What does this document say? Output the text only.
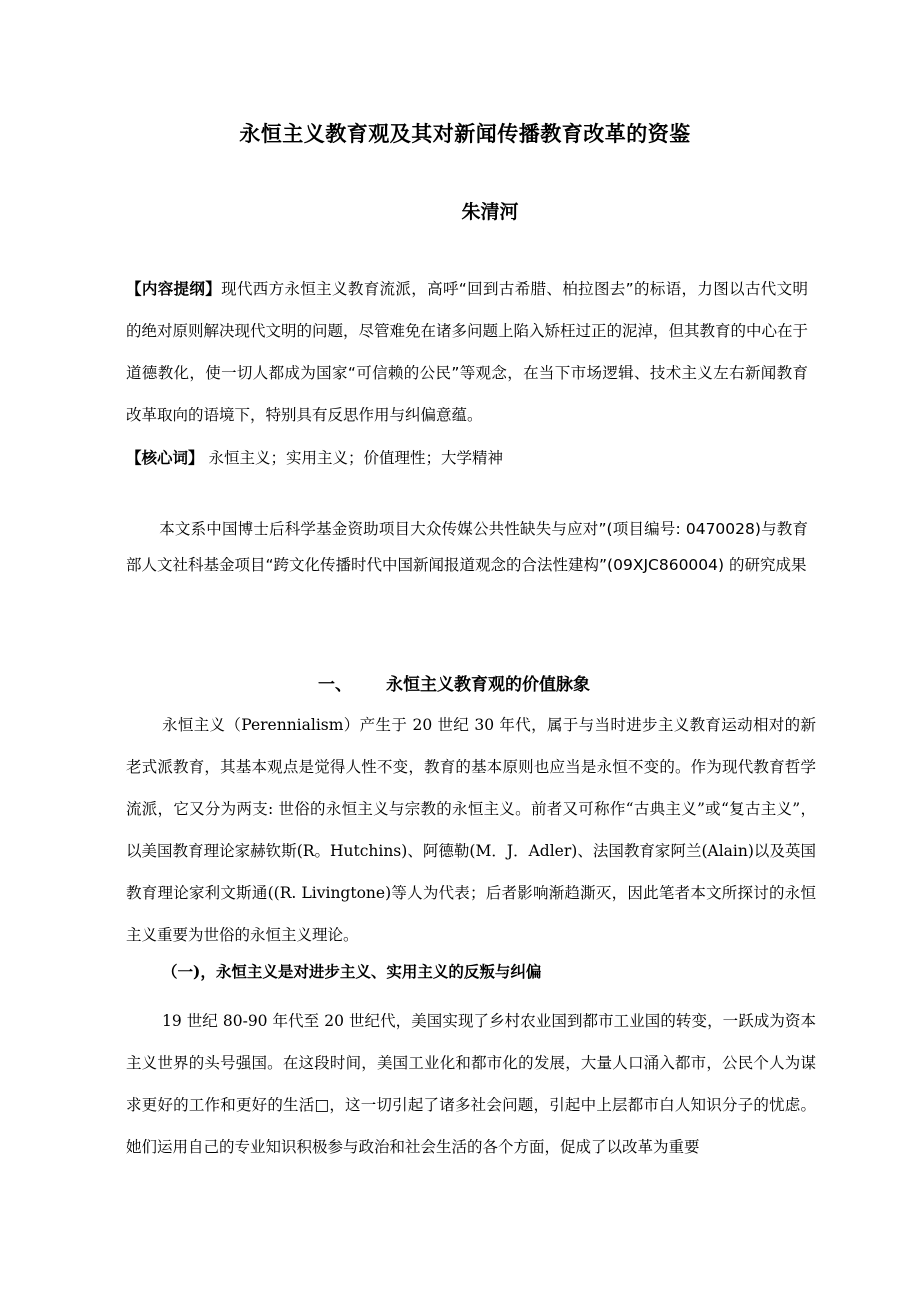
永恒主义教育观及其对新闻传播教育改革的资鉴
朱清河
【内容提纲】现代西方永恒主义教育流派，高呼“回到古希腊、柏拉图去”的标语，力图以古代文明的绝对原则解决现代文明的问题，尽管难免在诸多问题上陷入矫枉过正的泥淖，但其教育的中心在于道德教化，使一切人都成为国家“可信赖的公民”等观念，在当下市场逻辑、技术主义左右新闻教育改革取向的语境下，特别具有反思作用与纠偏意蕴。
【核心词】 永恒主义；实用主义；价值理性；大学精神
本文系中国博士后科学基金资助项目大众传媒公共性缺失与应对”(项目编号: 0470028)与教育部人文社科基金项目“跨文化传播时代中国新闻报道观念的合法性建构”(09XJC860004) 的研究成果
一、 永恒主义教育观的价值脉象
永恒主义（Perennialism）产生于 20 世纪 30 年代，属于与当时进步主义教育运动相对的新老式派教育，其基本观点是觉得人性不变，教育的基本原则也应当是永恒不变的。作为现代教育哲学流派，它又分为两支: 世俗的永恒主义与宗教的永恒主义。前者又可称作“古典主义”或“复古主义”，以美国教育理论家赫钦斯(R。Hutchins)、阿德勒(M．J．Adler)、法国教育家阿兰(Alain)以及英国教育理论家利文斯通((R. Livingtone)等人为代表；后者影响渐趋澌灭，因此笔者本文所探讨的永恒主义重要为世俗的永恒主义理论。
（一)，永恒主义是对进步主义、实用主义的反叛与纠偏
19 世纪 80-90 年代至 20 世纪代，美国实现了乡村农业国到都市工业国的转变，一跃成为资本主义世界的头号强国。在这段时间，美国工业化和都市化的发展，大量人口涌入都市，公民个人为谋求更好的工作和更好的生活□，这一切引起了诸多社会问题，引起中上层都市白人知识分子的忧虑。她们运用自己的专业知识积极参与政治和社会生活的各个方面，促成了以改革为重要
